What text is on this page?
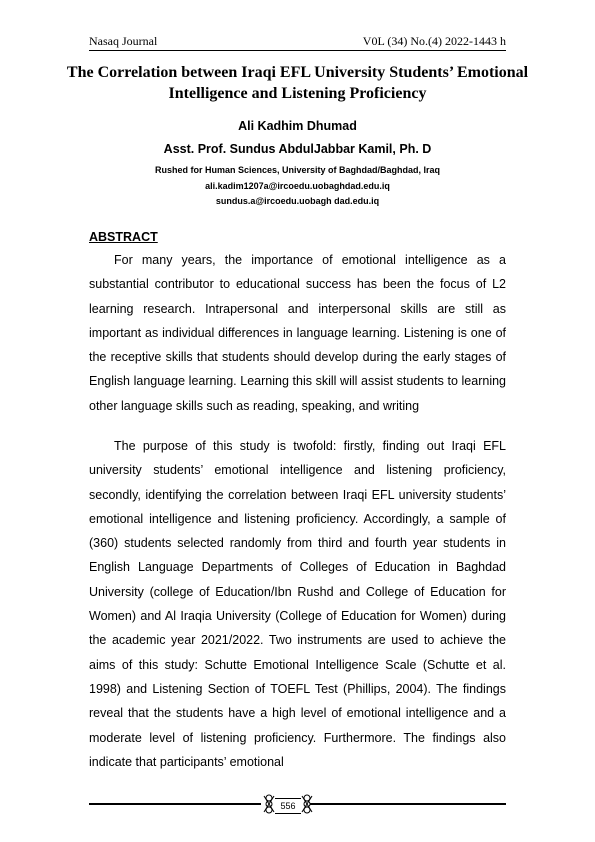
Nasaq Journal	V0L (34) No.(4) 2022-1443 h
The Correlation between Iraqi EFL University Students’ Emotional Intelligence and Listening Proficiency
Ali Kadhim Dhumad
Asst. Prof. Sundus AbdulJabbar Kamil, Ph. D
Rushed for Human Sciences, University of Baghdad/Baghdad, Iraq
ali.kadim1207a@ircoedu.uobaghdad.edu.iq
sundus.a@ircoedu.uobagh dad.edu.iq
ABSTRACT

For many years, the importance of emotional intelligence as a substantial contributor to educational success has been the focus of L2 learning research. Intrapersonal and interpersonal skills are still as important as individual differences in language learning. Listening is one of the receptive skills that students should develop during the early stages of English language learning. Learning this skill will assist students to learning other language skills such as reading, speaking, and writing

The purpose of this study is twofold: firstly, finding out Iraqi EFL university students’ emotional intelligence and listening proficiency, secondly, identifying the correlation between Iraqi EFL university students’ emotional intelligence and listening proficiency. Accordingly, a sample of (360) students selected randomly from third and fourth year students in English Language Departments of Colleges of Education in Baghdad University (college of Education/Ibn Rushd and College of Education for Women) and Al Iraqia University (College of Education for Women) during the academic year 2021/2022. Two instruments are used to achieve the aims of this study: Schutte Emotional Intelligence Scale (Schutte et al. 1998) and Listening Section of TOEFL Test (Phillips, 2004). The findings reveal that the students have a high level of emotional intelligence and a moderate level of listening proficiency. Furthermore. The findings also indicate that participants’ emotional

556
